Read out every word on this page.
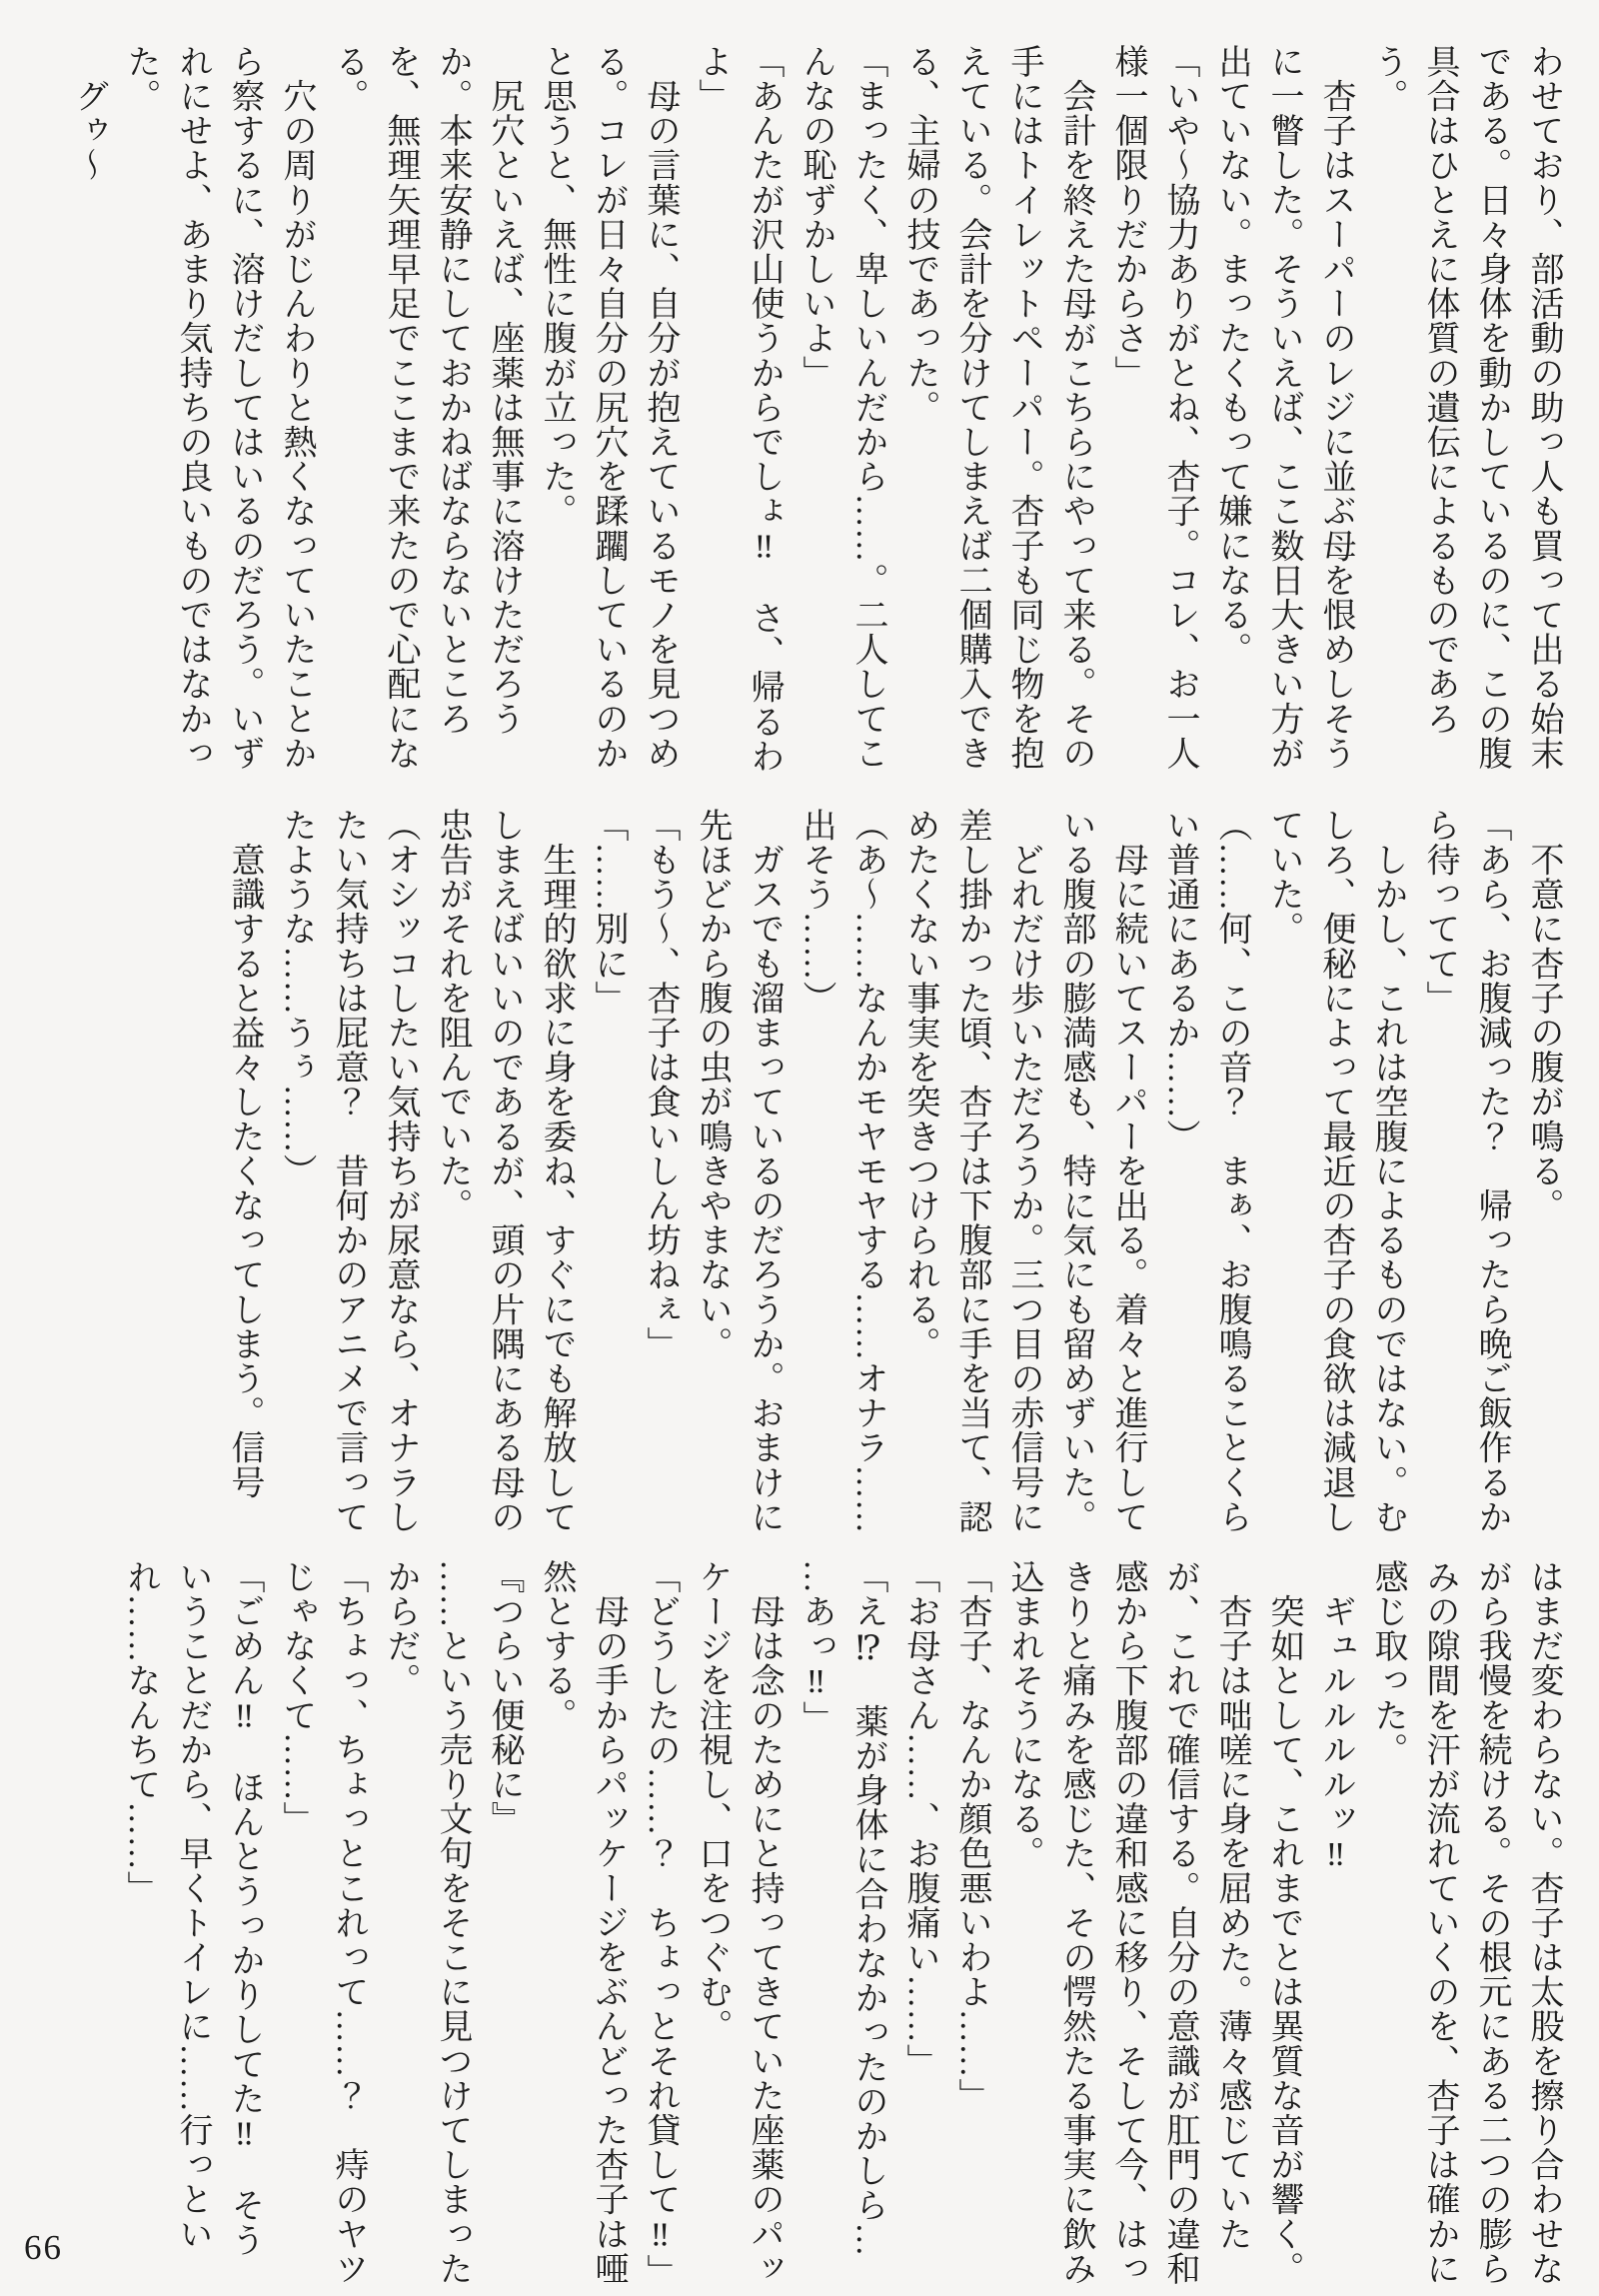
わせており、部活動の助っ人も買って出る始末である。日々身体を動かしているのに、この腹具合はひとえに体質の遺伝によるものであろう。

　杏子はスーパーのレジに並ぶ母を恨めしそうに一瞥した。そういえば、ここ数日大きい方が出ていない。まったくもって嫌になる。

「いや〜協力ありがとね、杏子。コレ、お一人様一個限りだからさ」

　会計を終えた母がこちらにやって来る。その手にはトイレットペーパー。杏子も同じ物を抱えている。会計を分けてしまえば二個購入できる、主婦の技であった。

「まったく、卑しいんだから……。二人してこんなの恥ずかしいよ」

「あんたが沢山使うからでしょ‼　さ、帰るわよ」

　母の言葉に、自分が抱えているモノを見つめる。コレが日々自分の尻穴を蹂躙しているのかと思うと、無性に腹が立った。

　尻穴といえば、座薬は無事に溶けただろうか。本来安静にしておかねばならないところを、無理矢理早足でここまで来たので心配になる。

　穴の周りがじんわりと熱くなっていたことから察するに、溶けだしてはいるのだろう。いずれにせよ、あまり気持ちの良いものではなかった。

　グゥ〜

　不意に杏子の腹が鳴る。

「あら、お腹減った？　帰ったら晩ご飯作るから待ってて」

　しかし、これは空腹によるものではない。むしろ、便秘によって最近の杏子の食欲は減退していた。

（……何、この音？　まぁ、お腹鳴ることくらい普通にあるか……）

　母に続いてスーパーを出る。着々と進行している腹部の膨満感も、特に気にも留めずいた。

　どれだけ歩いただろうか。三つ目の赤信号に差し掛かった頃、杏子は下腹部に手を当て、認めたくない事実を突きつけられる。

（あ〜……なんかモヤモヤする……オナラ……出そう……）

　ガスでも溜まっているのだろうか。おまけに先ほどから腹の虫が鳴きやまない。

「もう〜、杏子は食いしん坊ねぇ」

「……別に」

　生理的欲求に身を委ね、すぐにでも解放してしまえばいいのであるが、頭の片隅にある母の忠告がそれを阻んでいた。

（オシッコしたい気持ちが尿意なら、オナラしたい気持ちは屁意？　昔何かのアニメで言ってたような……うぅ……）

　意識すると益々したくなってしまう。信号

はまだ変わらない。杏子は太股を擦り合わせながら我慢を続ける。その根元にある二つの膨らみの隙間を汗が流れていくのを、杏子は確かに感じ取った。

　ギュルルルルッ‼

　突如として、これまでとは異質な音が響く。

　杏子は咄嗟に身を屈めた。薄々感じていたが、これで確信する。自分の意識が肛門の違和感から下腹部の違和感に移り、そして今、はっきりと痛みを感じた、その愕然たる事実に飲み込まれそうになる。

「杏子、なんか顔色悪いわよ……」

「お母さん……、お腹痛い……」

「え⁉　薬が身体に合わなかったのかしら……あっ‼」

　母は念のためにと持ってきていた座薬のパッケージを注視し、口をつぐむ。

「どうしたの……？　ちょっとそれ貸して‼」

　母の手からパッケージをぶんどった杏子は唖然とする。

『つらい便秘に』

……という売り文句をそこに見つけてしまったからだ。

「ちょっ、ちょっとこれって……？　痔のヤツじゃなくて……」

「ごめん‼　ほんとうっかりしてた‼　そういうことだから、早くトイレに……行っといれ……なんちて……」

66
